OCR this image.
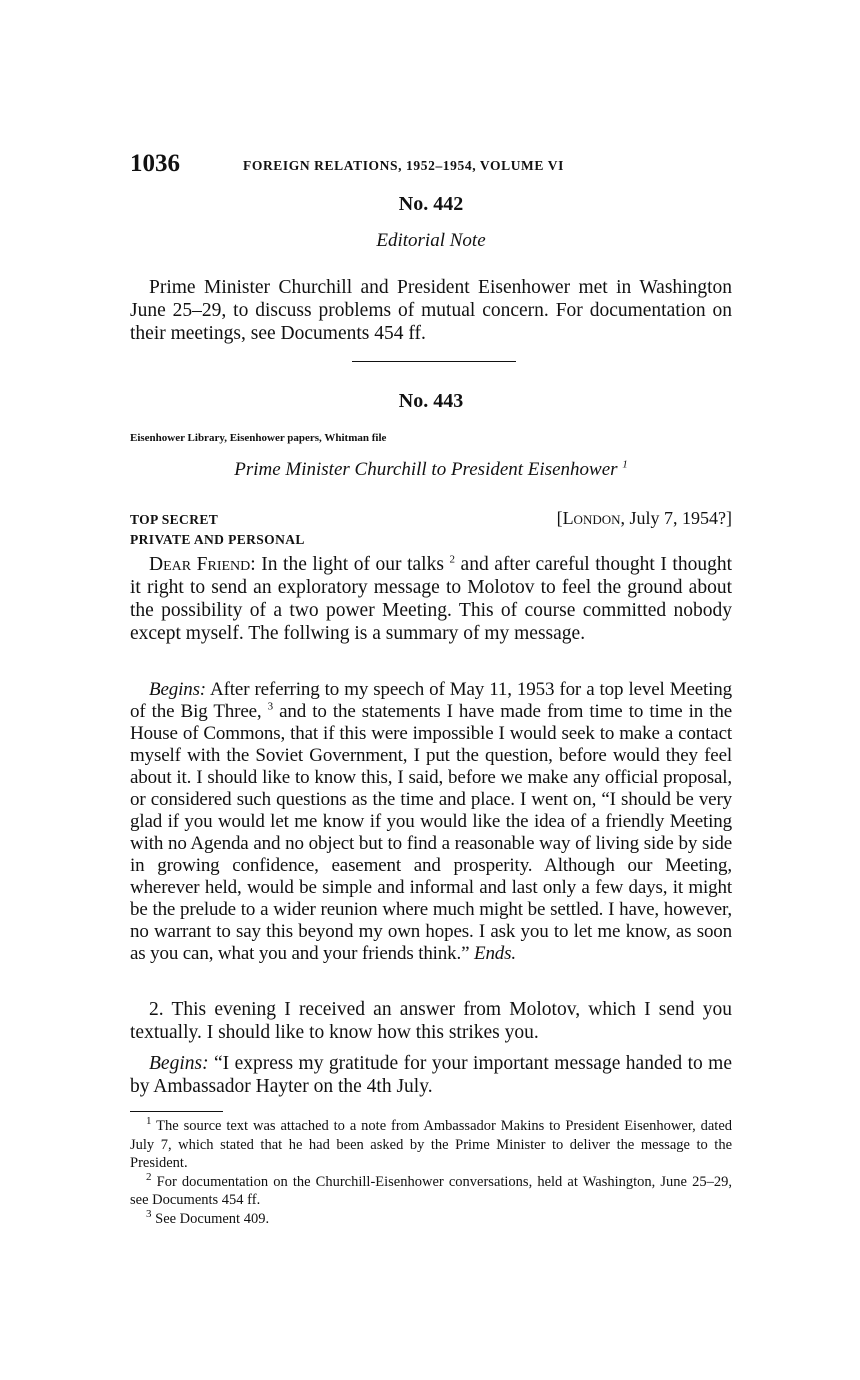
1036	FOREIGN RELATIONS, 1952–1954, VOLUME VI
No. 442
Editorial Note

Prime Minister Churchill and President Eisenhower met in Washington June 25–29, to discuss problems of mutual concern. For documentation on their meetings, see Documents 454 ff.

No. 443
Eisenhower Library, Eisenhower papers, Whitman file
Prime Minister Churchill to President Eisenhower $^1$
TOP SECRET
PRIVATE AND PERSONAL
[London, July 7, 1954?]

Dear Friend: In the light of our talks $^2$ and after careful thought I thought it right to send an exploratory message to Molotov to feel the ground about the possibility of a two power Meeting. This of course committed nobody except myself. The follwing is a summary of my message.

Begins: After referring to my speech of May 11, 1953 for a top level Meeting of the Big Three, $^3$ and to the statements I have made from time to time in the House of Commons, that if this were impossible I would seek to make a contact myself with the Soviet Government, I put the question, before would they feel about it. I should like to know this, I said, before we make any official proposal, or considered such questions as the time and place. I went on, “I should be very glad if you would let me know if you would like the idea of a friendly Meeting with no Agenda and no object but to find a reasonable way of living side by side in growing confidence, easement and prosperity. Although our Meeting, wherever held, would be simple and informal and last only a few days, it might be the prelude to a wider reunion where much might be settled. I have, however, no warrant to say this beyond my own hopes. I ask you to let me know, as soon as you can, what you and your friends think.” Ends.

2. This evening I received an answer from Molotov, which I send you textually. I should like to know how this strikes you.

Begins: “I express my gratitude for your important message handed to me by Ambassador Hayter on the 4th July.

$^1$ The source text was attached to a note from Ambassador Makins to President Eisenhower, dated July 7, which stated that he had been asked by the Prime Minister to deliver the message to the President.
$^2$ For documentation on the Churchill-Eisenhower conversations, held at Washington, June 25–29, see Documents 454 ff.
$^3$ See Document 409.
